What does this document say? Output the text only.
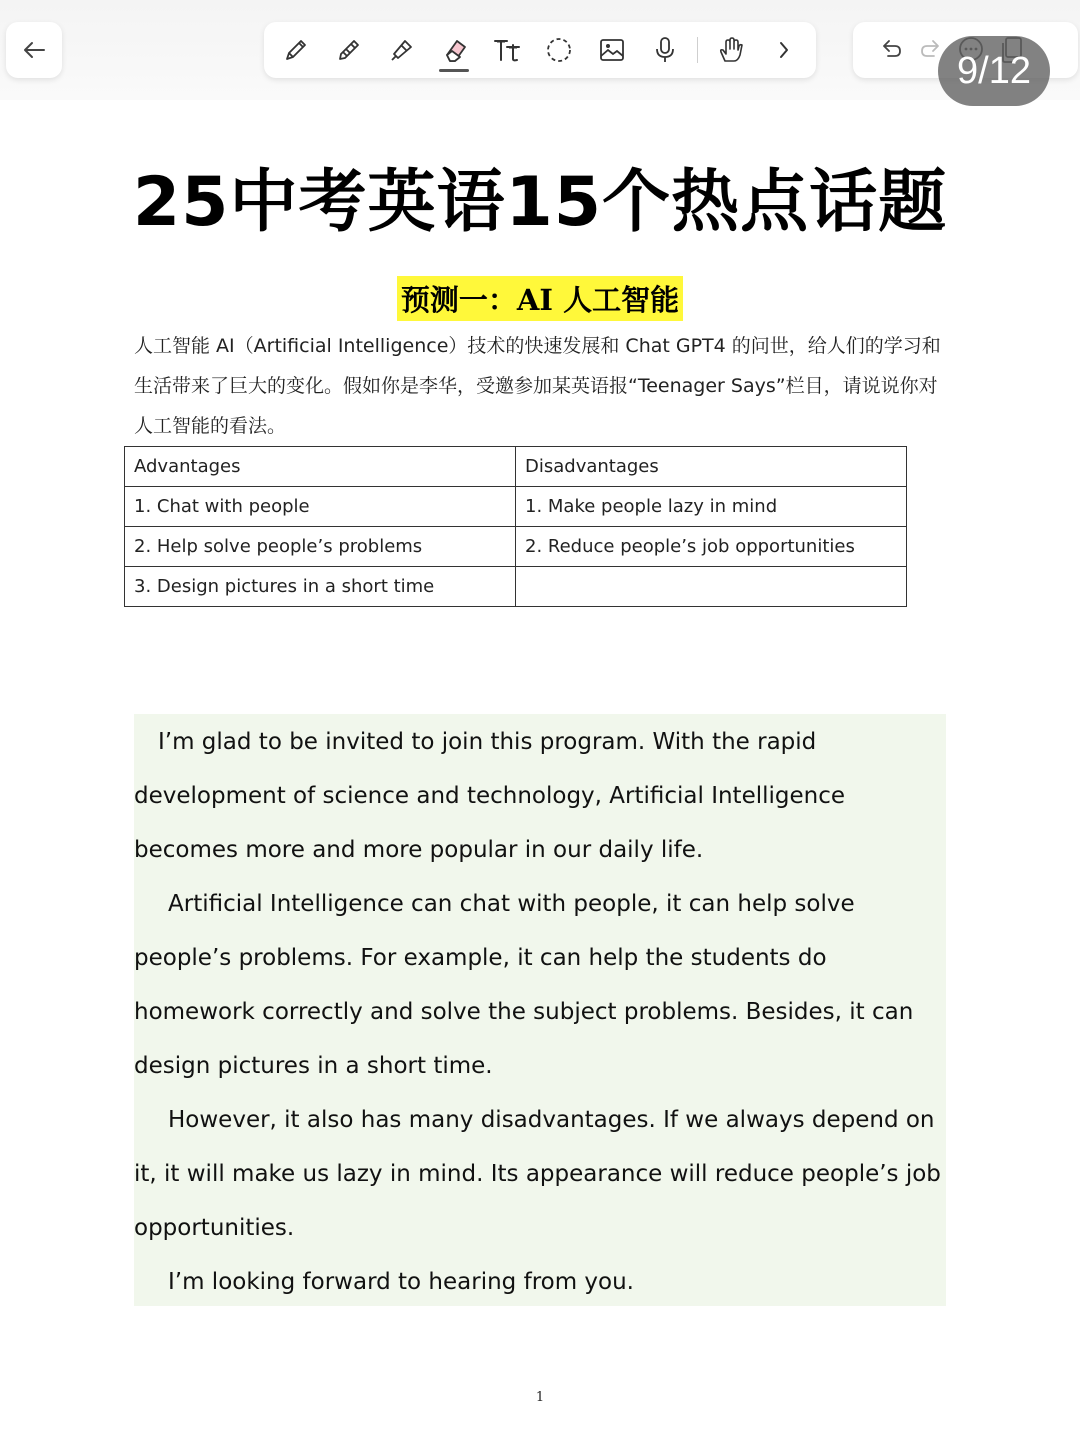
9/12
25中考英语15个热点话题
预测一：AI 人工智能
人工智能 AI（Artificial Intelligence）技术的快速发展和 Chat GPT4 的问世，给人们的学习和生活带来了巨大的变化。假如你是李华，受邀参加某英语报“Teenager Says”栏目，请说说你对人工智能的看法。
Advantages	Disadvantages
1. Chat with people	1. Make people lazy in mind
2. Help solve people’s problems	2. Reduce people’s job opportunities
3. Design pictures in a short time	

I’m glad to be invited to join this program. With the rapid development of science and technology, Artificial Intelligence becomes more and more popular in our daily life.

Artificial Intelligence can chat with people, it can help solve people’s problems. For example, it can help the students do homework correctly and solve the subject problems. Besides, it can design pictures in a short time.

However, it also has many disadvantages. If we always depend on it, it will make us lazy in mind. Its appearance will reduce people’s job opportunities.

I’m looking forward to hearing from you.

1
